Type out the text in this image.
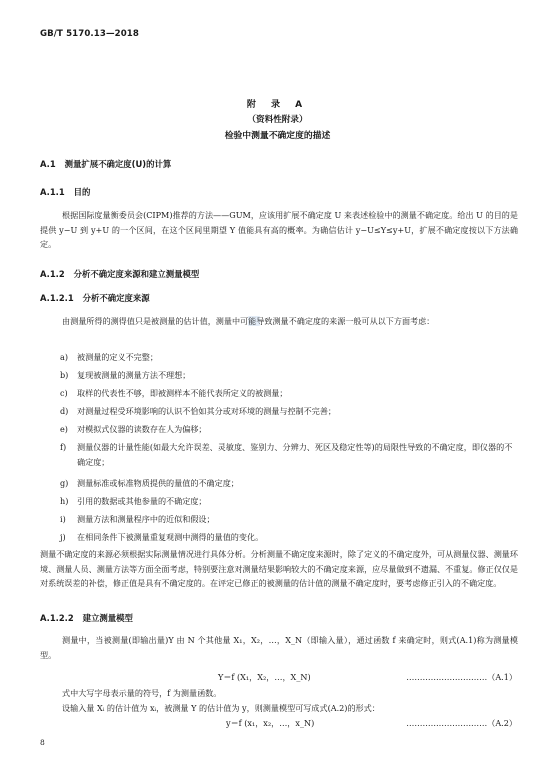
GB/T 5170.13—2018
附 录 A
（资料性附录）
检验中测量不确定度的描述
A.1 测量扩展不确定度(U)的计算
A.1.1 目的
根据国际度量衡委员会(CIPM)推荐的方法——GUM，应该用扩展不确定度 U 来表述检验中的测量不确定度。给出 U 的目的是提供 y−U 到 y+U 的一个区间，在这个区间里期望 Y 值能具有高的概率。为确信估计 y−U≤Y≤y+U，扩展不确定度按以下方法确定。
A.1.2 分析不确定度来源和建立测量模型
A.1.2.1 分析不确定度来源
由测量所得的测得值只是被测量的估计值，测量中可能导致测量不确定度的来源一般可从以下方面考虑：
a) 被测量的定义不完整；
b) 复现被测量的测量方法不理想；
c) 取样的代表性不够，即被测样本不能代表所定义的被测量；
d) 对测量过程受环境影响的认识不恰如其分或对环境的测量与控制不完善；
e) 对模拟式仪器的读数存在人为偏移；
f) 测量仪器的计量性能(如最大允许误差、灵敏度、鉴别力、分辨力、死区及稳定性等)的局限性导致的不确定度，即仪器的不确定度；
g) 测量标准或标准物质提供的量值的不确定度；
h) 引用的数据或其他参量的不确定度；
i) 测量方法和测量程序中的近似和假设；
j) 在相同条件下被测量重复观测中测得的量值的变化。
测量不确定度的来源必须根据实际测量情况进行具体分析。分析测量不确定度来源时，除了定义的不确定度外，可从测量仪器、测量环境、测量人员、测量方法等方面全面考虑，特别要注意对测量结果影响较大的不确定度来源，应尽量做到不遗漏、不重复。修正仅仅是对系统误差的补偿，修正值是具有不确定度的。在评定已修正的被测量的估计值的测量不确定度时，要考虑修正引入的不确定度。
A.1.2.2 建立测量模型
测量中，当被测量(即输出量)Y 由 N 个其他量 X₁，X₂，…，X_N（即输入量），通过函数 f 来确定时，则式(A.1)称为测量模型。
Y＝f (X₁，X₂，…，X_N)	…………………………（A.1）
式中大写字母表示量的符号，f 为测量函数。
设输入量 Xᵢ 的估计值为 xᵢ，被测量 Y 的估计值为 y，则测量模型可写成式(A.2)的形式：
y＝f (x₁，x₂，…，x_N)	…………………………（A.2）
8
